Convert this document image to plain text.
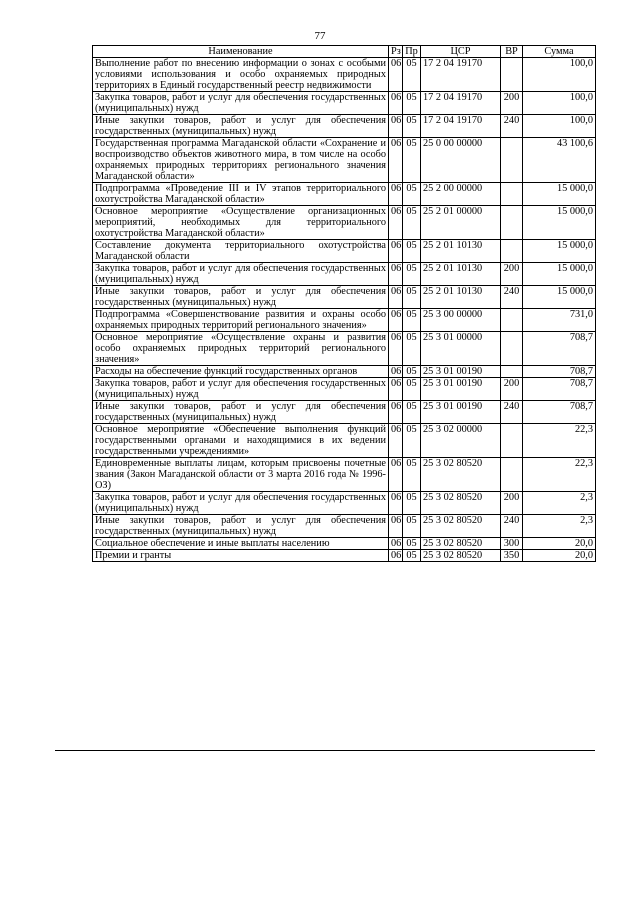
77
Наименование	Рз	Пр	ЦСР	ВР	Сумма
Выполнение работ по внесению информации о зонах с особыми условиями использования и особо охраняемых природных территориях в Единый государственный реестр недвижимости	06	05	17 2 04 19170		100,0
Закупка товаров, работ и услуг для обеспечения государственных (муниципальных) нужд	06	05	17 2 04 19170	200	100,0
Иные закупки товаров, работ и услуг для обеспечения государственных (муниципальных) нужд	06	05	17 2 04 19170	240	100,0
Государственная программа Магаданской области «Сохранение и воспроизводство объектов животного мира, в том числе на особо охраняемых природных территориях регионального значения Магаданской области»	06	05	25 0 00 00000		43 100,6
Подпрограмма «Проведение III и IV этапов территориального охотустройства Магаданской области»	06	05	25 2 00 00000		15 000,0
Основное мероприятие «Осуществление организационных мероприятий, необходимых для территориального охотустройства Магаданской области»	06	05	25 2 01 00000		15 000,0
Составление документа территориального охотустройства Магаданской области	06	05	25 2 01 10130		15 000,0
Закупка товаров, работ и услуг для обеспечения государственных (муниципальных) нужд	06	05	25 2 01 10130	200	15 000,0
Иные закупки товаров, работ и услуг для обеспечения государственных (муниципальных) нужд	06	05	25 2 01 10130	240	15 000,0
Подпрограмма «Совершенствование развития и охраны особо охраняемых природных территорий регионального значения»	06	05	25 3 00 00000		731,0
Основное мероприятие «Осуществление охраны и развития особо охраняемых природных территорий регионального значения»	06	05	25 3 01 00000		708,7
Расходы на обеспечение функций государственных органов	06	05	25 3 01 00190		708,7
Закупка товаров, работ и услуг для обеспечения государственных (муниципальных) нужд	06	05	25 3 01 00190	200	708,7
Иные закупки товаров, работ и услуг для обеспечения государственных (муниципальных) нужд	06	05	25 3 01 00190	240	708,7
Основное мероприятие «Обеспечение выполнения функций государственными органами и находящимися в их ведении государственными учреждениями»	06	05	25 3 02 00000		22,3
Единовременные выплаты лицам, которым присвоены почетные звания (Закон Магаданской области от 3 марта 2016 года № 1996-ОЗ)	06	05	25 3 02 80520		22,3
Закупка товаров, работ и услуг для обеспечения государственных (муниципальных) нужд	06	05	25 3 02 80520	200	2,3
Иные закупки товаров, работ и услуг для обеспечения государственных (муниципальных) нужд	06	05	25 3 02 80520	240	2,3
Социальное обеспечение и иные выплаты населению	06	05	25 3 02 80520	300	20,0
Премии и гранты	06	05	25 3 02 80520	350	20,0
